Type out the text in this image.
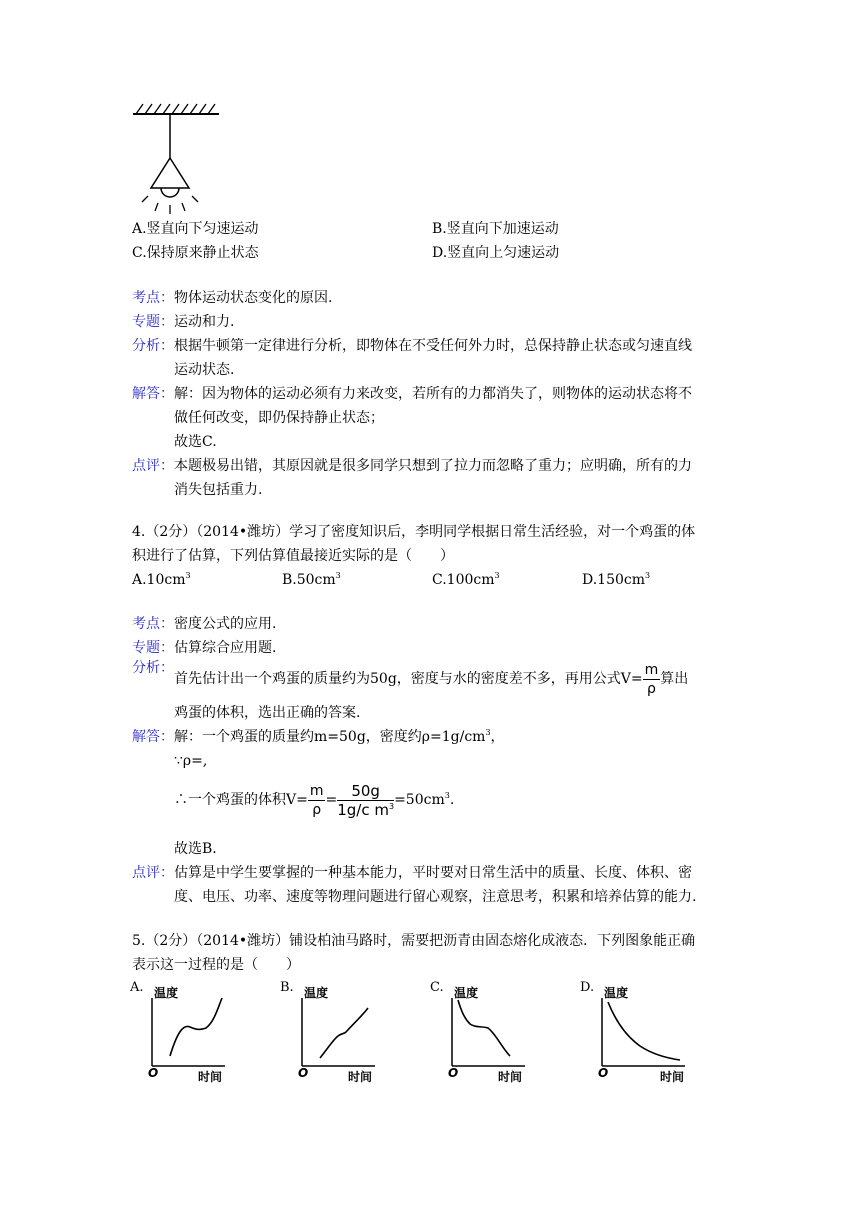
A.竖直向下匀速运动	B.竖直向下加速运动
C.保持原来静止状态	D.竖直向上匀速运动
考点：物体运动状态变化的原因.
专题：运动和力.
分析：根据牛顿第一定律进行分析，即物体在不受任何外力时，总保持静止状态或匀速直线
运动状态.
解答：解：因为物体的运动必须有力来改变，若所有的力都消失了，则物体的运动状态将不
做任何改变，即仍保持静止状态；
故选C.
点评：本题极易出错，其原因就是很多同学只想到了拉力而忽略了重力；应明确，所有的力
消失包括重力.
4.（2分）（2014•潍坊）学习了密度知识后，李明同学根据日常生活经验，对一个鸡蛋的体
积进行了估算，下列估算值最接近实际的是（　　）
$A.10cm^3$	$B.50cm^3$	$C.100cm^3$	$D.150cm^3$
考点：密度公式的应用.
专题：估算综合应用题.
分析：
首先估计出一个鸡蛋的质量约为50g，密度与水的密度差不多，再用公式$V= \frac{m}{\rho}$ 算出
鸡蛋的体积，选出正确的答案.
解答：解：一个鸡蛋的质量约m=50g，密度约$\rho=1g/cm^3$，
∵ρ=,
∴一个鸡蛋的体积$V= \frac{m}{\rho} = \frac{50g}{1g/c m^3} =50cm^3$.
故选B.
点评：估算是中学生要掌握的一种基本能力，平时要对日常生活中的质量、长度、体积、密
度、电压、功率、速度等物理问题进行留心观察，注意思考，积累和培养估算的能力.
5.（2分）（2014•潍坊）铺设柏油马路时，需要把沥青由固态熔化成液态．下列图象能正确
表示这一过程的是（　　）
A. 温度
O	时间
B. 温度
O	时间
C. 温度
O	时间
D. 温度
O	时间
